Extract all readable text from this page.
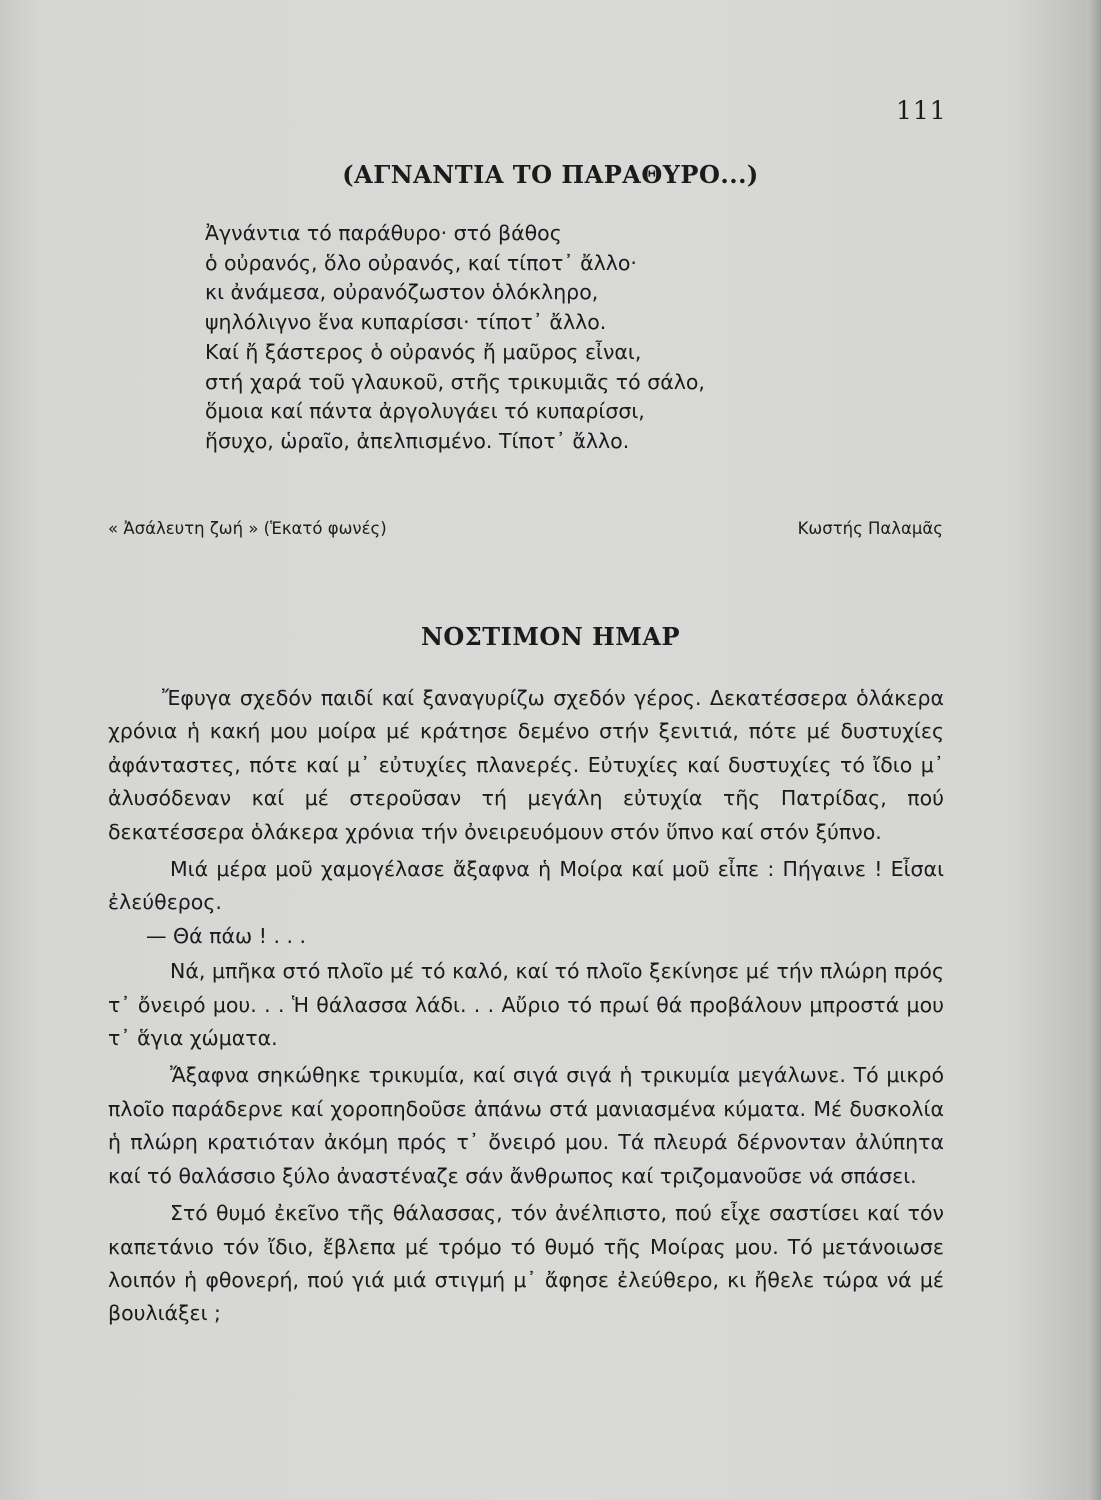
111
(ΑΓΝΑΝΤΙΑ ΤΟ ΠΑΡΑΘΥΡΟ...)
Ἀγνάντια τό παράθυρο· στό βάθος
ὁ οὐρανός, ὅλο οὐρανός, καί τίποτ᾽ ἄλλο·
κι ἀνάμεσα, οὐρανόζωστον ὁλόκληρο,
ψηλόλιγνο ἕνα κυπαρίσσι· τίποτ᾽ ἄλλο.
Καί ἤ ξάστερος ὁ οὐρανός ἤ μαῦρος εἶναι,
στή χαρά τοῦ γλαυκοῦ, στῆς τρικυμιᾶς τό σάλο,
ὅμοια καί πάντα ἀργολυγάει τό κυπαρίσσι,
ἥσυχο, ὡραῖο, ἀπελπισμένο. Τίποτ᾽ ἄλλο.
« Ἀσάλευτη ζωή » (Ἑκατό φωνές)	Κωστής Παλαμᾶς
ΝΟΣΤΙΜΟΝ ΗΜΑΡ

Ἔφυγα σχεδόν παιδί καί ξαναγυρίζω σχεδόν γέρος. Δεκατέσσερα ὁλάκερα χρόνια ἡ κακή μου μοίρα μέ κράτησε δεμένο στήν ξενιτιά, πότε μέ δυστυχίες ἀφάνταστες, πότε καί μ᾽ εὐτυχίες πλανερές. Εὐτυχίες καί δυστυχίες τό ἴδιο μ᾽ ἀλυσόδεναν καί μέ στεροῦσαν τή μεγάλη εὐτυχία τῆς Πατρίδας, πού δεκατέσσερα ὁλάκερα χρόνια τήν ὀνειρευόμουν στόν ὕπνο καί στόν ξύπνο.

Μιά μέρα μοῦ χαμογέλασε ἄξαφνα ἡ Μοίρα καί μοῦ εἶπε : Πήγαινε ! Εἶσαι ἐλεύθερος.

— Θά πάω ! . . .

Νά, μπῆκα στό πλοῖο μέ τό καλό, καί τό πλοῖο ξεκίνησε μέ τήν πλώρη πρός τ᾽ ὄνειρό μου. . . Ἡ θάλασσα λάδι. . . Αὔριο τό πρωί θά προβάλουν μπροστά μου τ᾽ ἅγια χώματα.

Ἄξαφνα σηκώθηκε τρικυμία, καί σιγά σιγά ἡ τρικυμία μεγάλωνε. Τό μικρό πλοῖο παράδερνε καί χοροπηδοῦσε ἀπάνω στά μανιασμένα κύματα. Μέ δυσκολία ἡ πλώρη κρατιόταν ἀκόμη πρός τ᾽ ὄνειρό μου. Τά πλευρά δέρνονταν ἀλύπητα καί τό θαλάσσιο ξύλο ἀναστέναζε σάν ἄνθρωπος καί τριζομανοῦσε νά σπάσει.

Στό θυμό ἐκεῖνο τῆς θάλασσας, τόν ἀνέλπιστο, πού εἶχε σαστίσει καί τόν καπετάνιο τόν ἴδιο, ἔβλεπα μέ τρόμο τό θυμό τῆς Μοίρας μου. Τό μετάνοιωσε λοιπόν ἡ φθονερή, πού γιά μιά στιγμή μ᾽ ἄφησε ἐλεύθερο, κι ἤθελε τώρα νά μέ βουλιάξει ;
